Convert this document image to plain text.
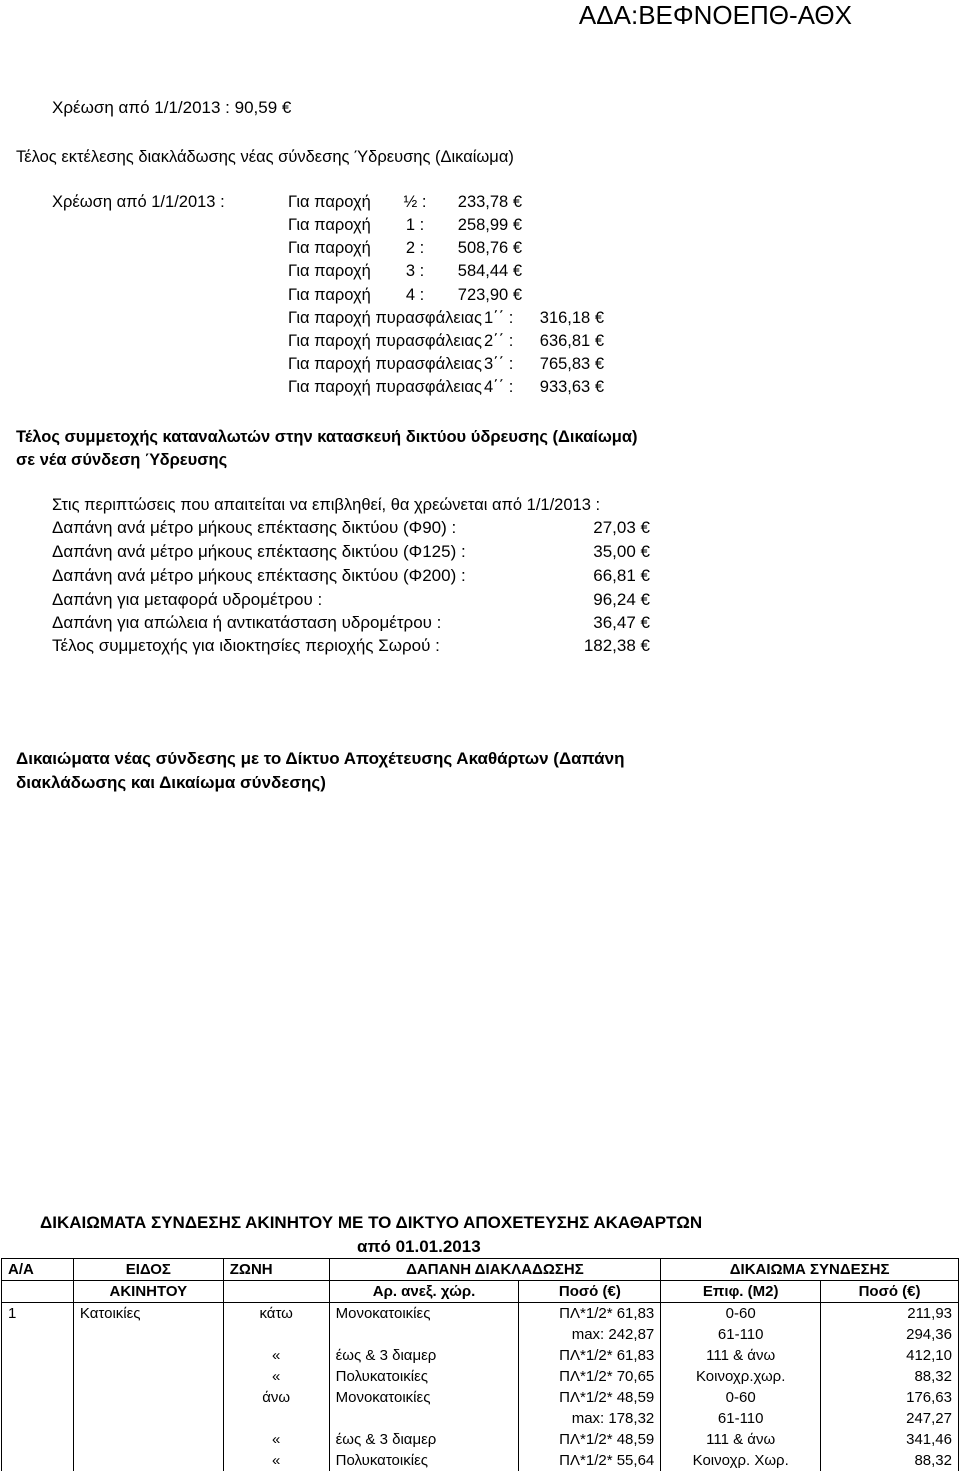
ΑΔΑ:ΒΕΦΝΟΕΠΘ-ΑΘΧ
Χρέωση από 1/1/2013 : 90,59 €
Τέλος εκτέλεσης διακλάδωσης νέας σύνδεσης Ύδρευσης (Δικαίωμα)
Χρέωση από 1/1/2013 :	Για παροχή ½ : 233,78 €
Για παροχή 1 : 258,99 €
Για παροχή 2 : 508,76 €
Για παροχή 3 : 584,44 €
Για παροχή 4 : 723,90 €
Για παροχή πυρασφάλειας 1΄΄ : 316,18 €
Για παροχή πυρασφάλειας 2΄΄ : 636,81 €
Για παροχή πυρασφάλειας 3΄΄ : 765,83 €
Για παροχή πυρασφάλειας 4΄΄ : 933,63 €
Τέλος συμμετοχής καταναλωτών στην κατασκευή δικτύου ύδρευσης (Δικαίωμα)
σε νέα σύνδεση Ύδρευσης
Στις περιπτώσεις που απαιτείται να επιβληθεί, θα χρεώνεται από 1/1/2013 :
Δαπάνη ανά μέτρο μήκους επέκτασης δικτύου (Φ90) :	27,03 €
Δαπάνη ανά μέτρο μήκους επέκτασης δικτύου (Φ125) :	35,00 €
Δαπάνη ανά μέτρο μήκους επέκτασης δικτύου (Φ200) :	66,81 €
Δαπάνη για μεταφορά υδρομέτρου :	96,24 €
Δαπάνη για απώλεια ή αντικατάσταση υδρομέτρου :	36,47 €
Τέλος συμμετοχής για ιδιοκτησίες περιοχής Σωρού :	182,38 €
Δικαιώματα νέας σύνδεσης με το Δίκτυο Αποχέτευσης Ακαθάρτων (Δαπάνη
διακλάδωσης και Δικαίωμα σύνδεσης)
ΔΙΚΑΙΩΜΑΤΑ ΣΥΝΔΕΣΗΣ ΑΚΙΝΗΤΟΥ ΜΕ ΤΟ ΔΙΚΤΥΟ ΑΠΟΧΕΤΕΥΣΗΣ ΑΚΑΘΑΡΤΩΝ
από 01.01.2013
Α/Α	ΕΙΔΟΣ	ΖΩΝΗ	ΔΑΠΑΝΗ ΔΙΑΚΛΑΔΩΣΗΣ		ΔΙΚΑΙΩΜΑ ΣΥΝΔΕΣΗΣ	
	ΑΚΙΝΗΤΟΥ		Αρ. ανεξ. χώρ.	Ποσό (€)	Επιφ. (Μ2)	Ποσό (€)
1	Κατοικίες	κάτω	Μονοκατοικίες	ΠΛ*1/2* 61,83	0-60	211,93
				max: 242,87	61-110	294,36
		«	έως & 3 διαμερ	ΠΛ*1/2* 61,83	111 & άνω	412,10
		«	Πολυκατοικίες	ΠΛ*1/2* 70,65	Κοινοχρ.χωρ.	88,32
		άνω	Μονοκατοικίες	ΠΛ*1/2* 48,59	0-60	176,63
				max: 178,32	61-110	247,27
		«	έως & 3 διαμερ	ΠΛ*1/2* 48,59	111 & άνω	341,46
		«	Πολυκατοικίες	ΠΛ*1/2* 55,64	Κοινοχρ. Χωρ.	88,32
